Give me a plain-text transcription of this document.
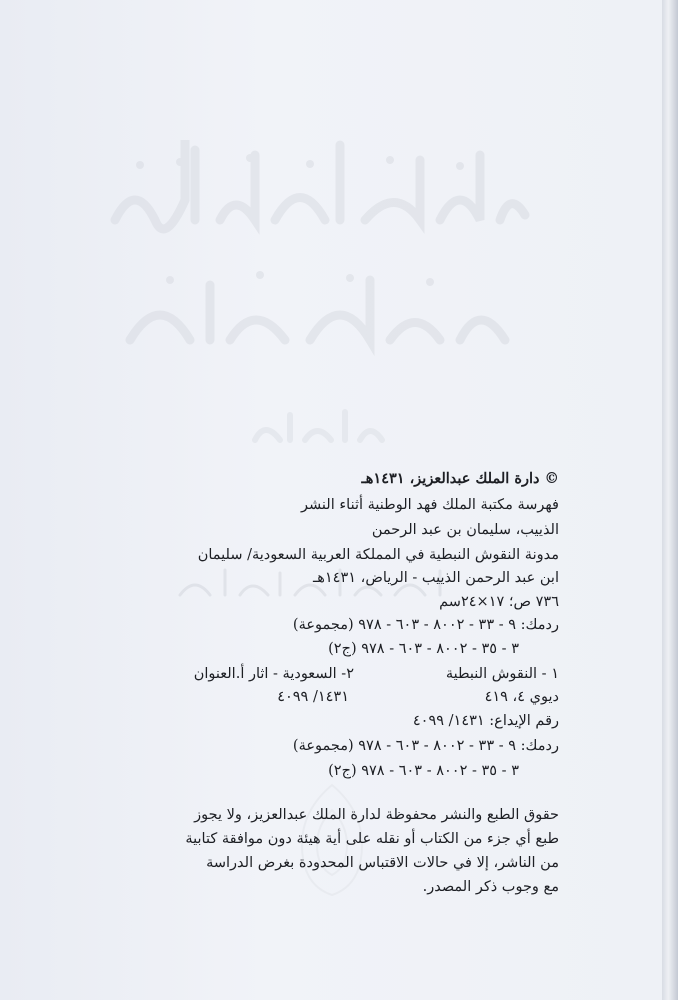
© دارة الملك عبدالعزيز، ١٤٣١هـ
فهرسة مكتبة الملك فهد الوطنية أثناء النشر
الذييب، سليمان بن عبد الرحمن
مدونة النقوش النبطية في المملكة العربية السعودية/ سليمان
ابن عبد الرحمن الذييب - الرياض، ١٤٣١هـ
٧٣٦ ص؛ ١٧×٢٤سم
ردمك: ٩ - ٣٣ - ٨٠٠٢ - ٦٠٣ - ٩٧٨ (مجموعة)
٣ - ٣٥ - ٨٠٠٢ - ٦٠٣ - ٩٧٨ (ج٢)
١ - النقوش النبطية
٢- السعودية - اثار أ.العنوان
ديوي ٤، ٤١٩
١٤٣١/ ٤٠٩٩
رقم الإيداع: ١٤٣١/ ٤٠٩٩
ردمك: ٩ - ٣٣ - ٨٠٠٢ - ٦٠٣ - ٩٧٨ (مجموعة)
٣ - ٣٥ - ٨٠٠٢ - ٦٠٣ - ٩٧٨ (ج٢)
حقوق الطبع والنشر محفوظة لدارة الملك عبدالعزيز، ولا يجوز
طبع أي جزء من الكتاب أو نقله على أية هيئة دون موافقة كتابية
من الناشر، إلا في حالات الاقتباس المحدودة بغرض الدراسة
مع وجوب ذكر المصدر.
